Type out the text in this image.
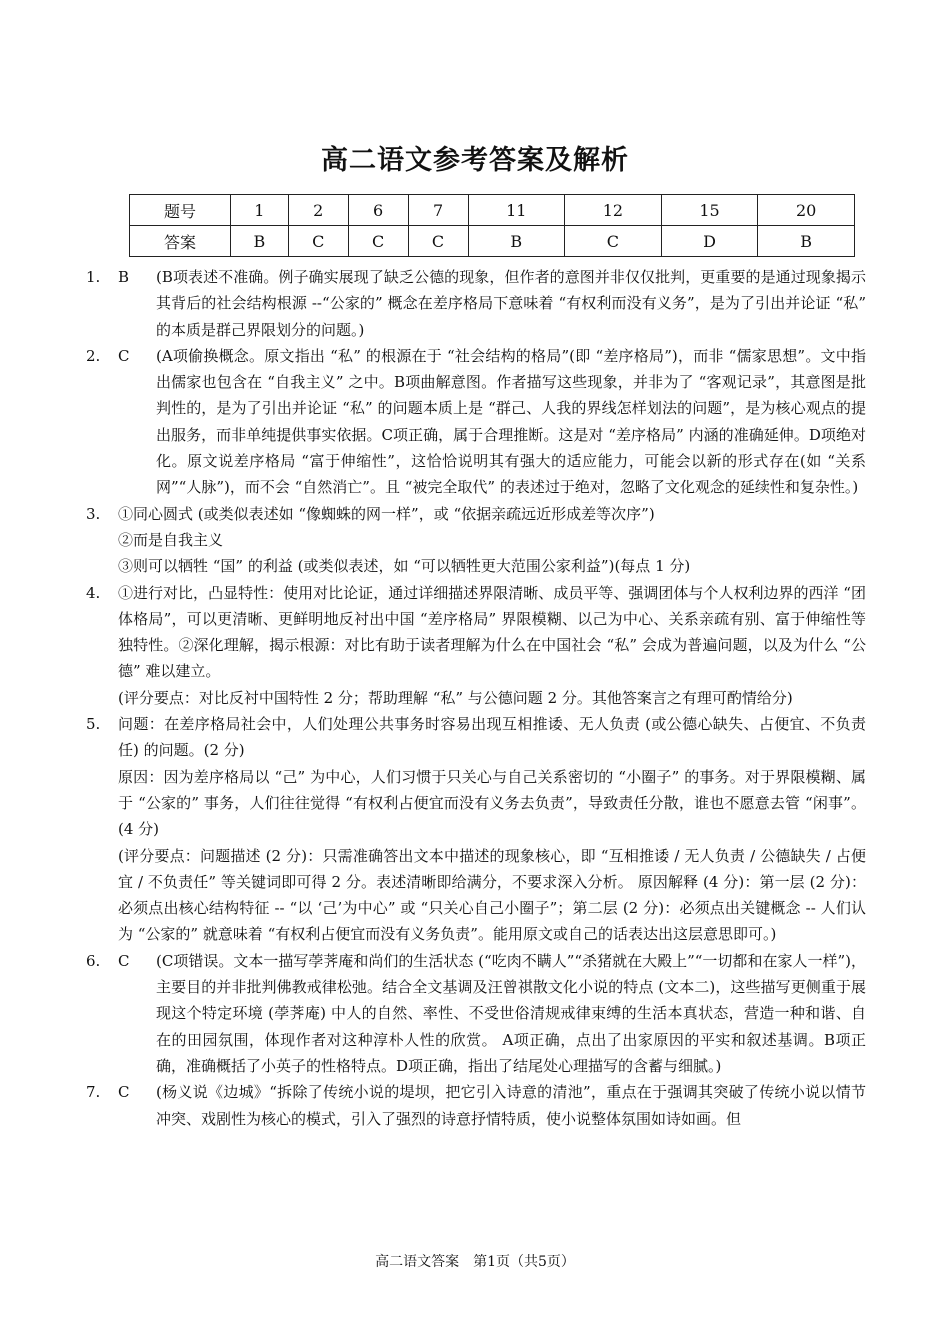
高二语文参考答案及解析
题号	1	2	6	7	11	12	15	20
答案	B	C	C	C	B	C	D	B
1.	B	(B项表述不准确。例子确实展现了缺乏公德的现象，但作者的意图并非仅仅批判，更重要的是通过现象揭示其背后的社会结构根源 --“公家的” 概念在差序格局下意味着 “有权利而没有义务”，是为了引出并论证 “私” 的本质是群己界限划分的问题。)
2.	C	(A项偷换概念。原文指出 “私” 的根源在于 “社会结构的格局”(即 “差序格局”)，而非 “儒家思想”。文中指出儒家也包含在 “自我主义” 之中。B项曲解意图。作者描写这些现象，并非为了 “客观记录”，其意图是批判性的，是为了引出并论证 “私” 的问题本质上是 “群己、人我的界线怎样划法的问题”，是为核心观点的提出服务，而非单纯提供事实依据。C项正确，属于合理推断。这是对 “差序格局” 内涵的准确延伸。D项绝对化。原文说差序格局 “富于伸缩性”，这恰恰说明其有强大的适应能力，可能会以新的形式存在(如 “关系网”“人脉”)，而不会 “自然消亡”。且 “被完全取代” 的表述过于绝对，忽略了文化观念的延续性和复杂性。)
3.	①同心圆式 (或类似表述如 “像蜘蛛的网一样”，或 “依据亲疏远近形成差等次序”)
②而是自我主义
③则可以牺牲 “国” 的利益 (或类似表述，如 “可以牺牲更大范围公家利益”)(每点 1 分)
4.	①进行对比，凸显特性：使用对比论证，通过详细描述界限清晰、成员平等、强调团体与个人权利边界的西洋 “团体格局”，可以更清晰、更鲜明地反衬出中国 “差序格局” 界限模糊、以己为中心、关系亲疏有别、富于伸缩性等独特性。②深化理解，揭示根源：对比有助于读者理解为什么在中国社会 “私” 会成为普遍问题，以及为什么 “公德” 难以建立。
(评分要点：对比反衬中国特性 2 分；帮助理解 “私” 与公德问题 2 分。其他答案言之有理可酌情给分)
5.	问题：在差序格局社会中，人们处理公共事务时容易出现互相推诿、无人负责 (或公德心缺失、占便宜、不负责任) 的问题。(2 分)
原因：因为差序格局以 “己” 为中心，人们习惯于只关心与自己关系密切的 “小圈子” 的事务。对于界限模糊、属于 “公家的” 事务，人们往往觉得 “有权利占便宜而没有义务去负责”，导致责任分散，谁也不愿意去管 “闲事”。(4 分)
(评分要点：问题描述 (2 分)：只需准确答出文本中描述的现象核心，即 “互相推诿 / 无人负责 / 公德缺失 / 占便宜 / 不负责任” 等关键词即可得 2 分。表述清晰即给满分，不要求深入分析。 原因解释 (4 分)：第一层 (2 分)：必须点出核心结构特征 -- “以 ‘己’为中心” 或 “只关心自己小圈子”；第二层 (2 分)：必须点出关键概念 -- 人们认为 “公家的” 就意味着 “有权利占便宜而没有义务负责”。能用原文或自己的话表达出这层意思即可。)
6.	C	(C项错误。文本一描写荸荠庵和尚们的生活状态 (“吃肉不瞒人”“杀猪就在大殿上”“一切都和在家人一样”)，主要目的并非批判佛教戒律松弛。结合全文基调及汪曾祺散文化小说的特点 (文本二)，这些描写更侧重于展现这个特定环境 (荸荠庵) 中人的自然、率性、不受世俗清规戒律束缚的生活本真状态，营造一种和谐、自在的田园氛围，体现作者对这种淳朴人性的欣赏。 A项正确，点出了出家原因的平实和叙述基调。B项正确，准确概括了小英子的性格特点。D项正确，指出了结尾处心理描写的含蓄与细腻。)
7.	C	(杨义说《边城》“拆除了传统小说的堤坝，把它引入诗意的清池”，重点在于强调其突破了传统小说以情节冲突、戏剧性为核心的模式，引入了强烈的诗意抒情特质，使小说整体氛围如诗如画。但
高二语文答案　第1页（共5页）
